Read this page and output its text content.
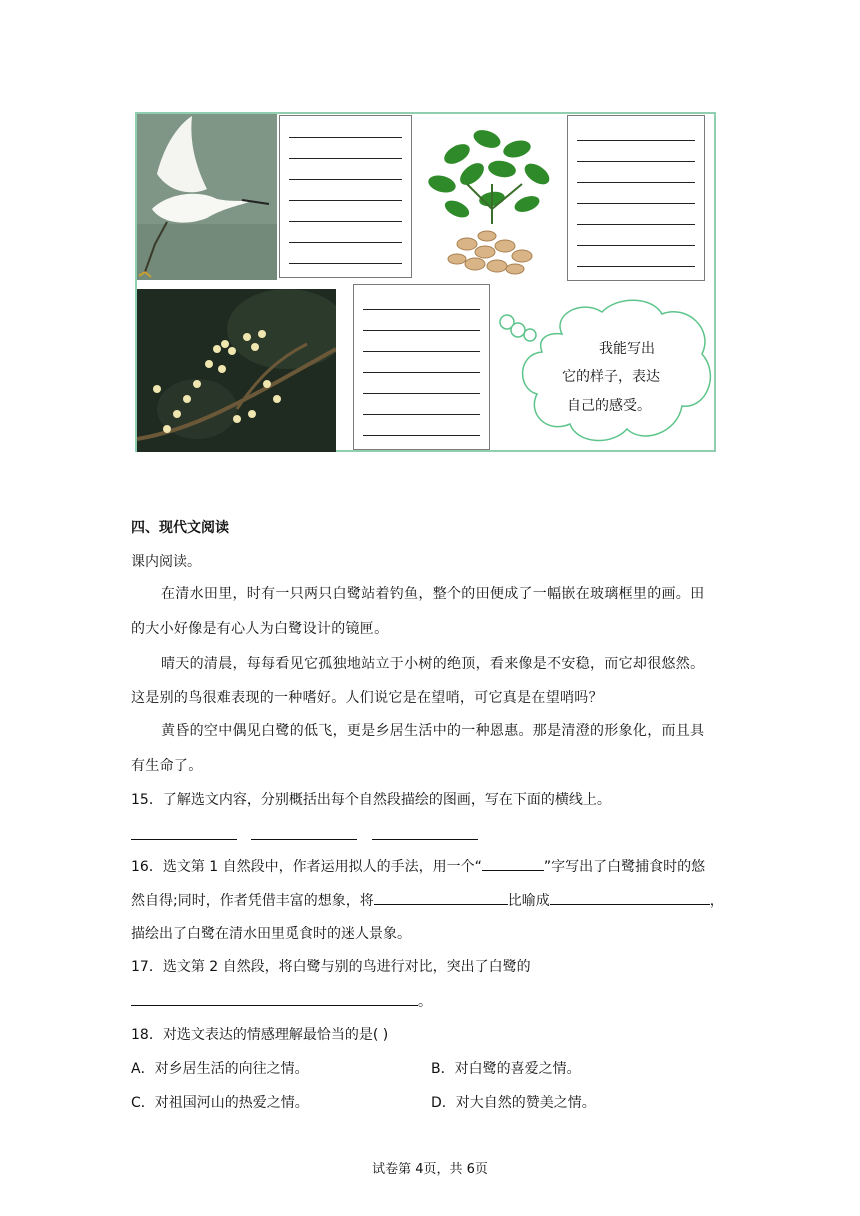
我能写出
它的样子，表达
自己的感受。
四、现代文阅读
课内阅读。
在清水田里，时有一只两只白鹭站着钓鱼，整个的田便成了一幅嵌在玻璃框里的画。田
的大小好像是有心人为白鹭设计的镜匣。
晴天的清晨，每每看见它孤独地站立于小树的绝顶，看来像是不安稳，而它却很悠然。
这是别的鸟很难表现的一种嗜好。人们说它是在望哨，可它真是在望哨吗？
黄昏的空中偶见白鹭的低飞，更是乡居生活中的一种恩惠。那是清澄的形象化，而且具
有生命了。
15．了解选文内容，分别概括出每个自然段描绘的图画，写在下面的横线上。
16．选文第 1 自然段中，作者运用拟人的手法，用一个“	”字写出了白鹭捕食时的悠
然自得;同时，作者凭借丰富的想象，将	比喻成	，
描绘出了白鹭在清水田里觅食时的迷人景象。
17．选文第 2 自然段，将白鹭与别的鸟进行对比，突出了白鹭的
。
18．对选文表达的情感理解最恰当的是( )
A．对乡居生活的向往之情。	B．对白鹭的喜爱之情。
C．对祖国河山的热爱之情。	D．对大自然的赞美之情。
试卷第 4页，共 6页
